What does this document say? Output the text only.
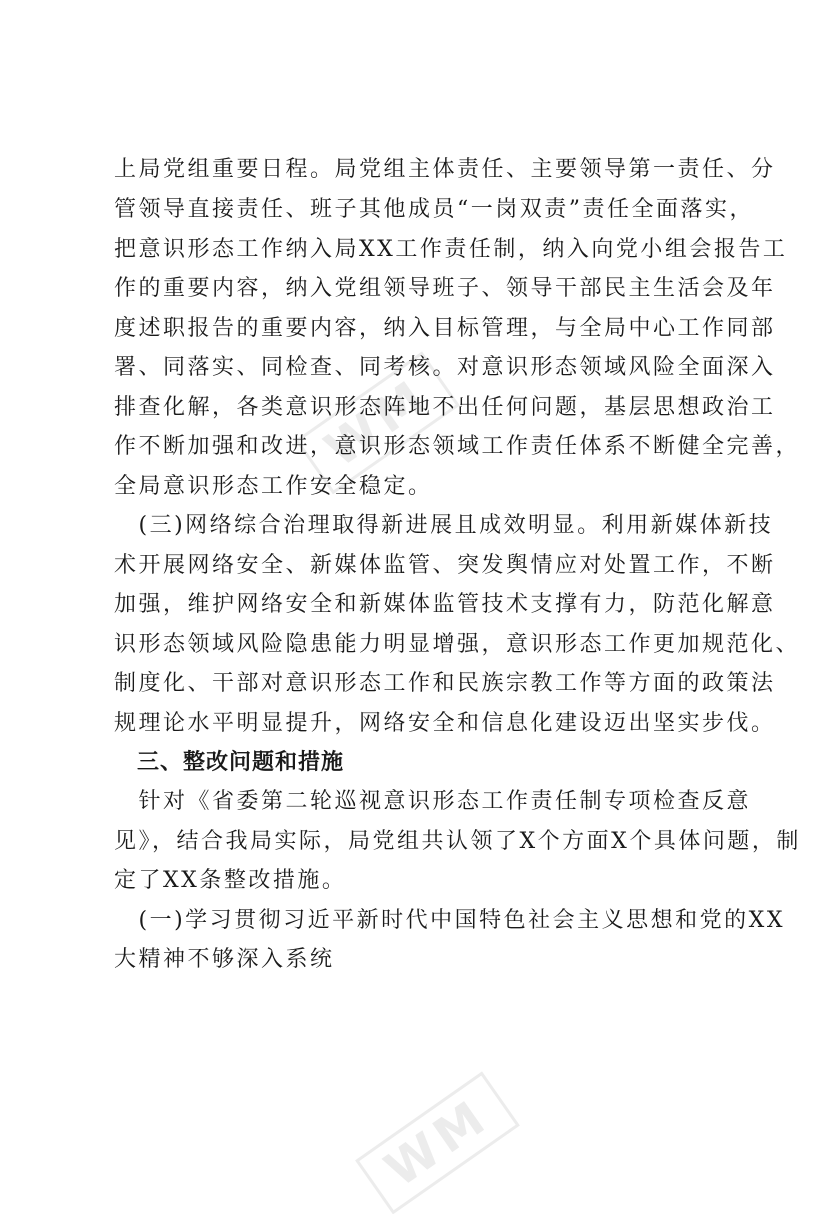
WM
WM
上局党组重要日程。局党组主体责任、主要领导第一责任、分
管领导直接责任、班子其他成员“一岗双责”责任全面落实，
把意识形态工作纳入局XX工作责任制，纳入向党小组会报告工
作的重要内容，纳入党组领导班子、领导干部民主生活会及年
度述职报告的重要内容，纳入目标管理，与全局中心工作同部
署、同落实、同检查、同考核。对意识形态领域风险全面深入
排查化解，各类意识形态阵地不出任何问题，基层思想政治工
作不断加强和改进，意识形态领域工作责任体系不断健全完善，
全局意识形态工作安全稳定。
　(三)网络综合治理取得新进展且成效明显。利用新媒体新技
术开展网络安全、新媒体监管、突发舆情应对处置工作，不断
加强，维护网络安全和新媒体监管技术支撑有力，防范化解意
识形态领域风险隐患能力明显增强，意识形态工作更加规范化、
制度化、干部对意识形态工作和民族宗教工作等方面的政策法
规理论水平明显提升，网络安全和信息化建设迈出坚实步伐。
　三、整改问题和措施
　针对《省委第二轮巡视意识形态工作责任制专项检查反意
见》，结合我局实际，局党组共认领了X个方面X个具体问题，制
定了XX条整改措施。
　(一)学习贯彻习近平新时代中国特色社会主义思想和党的XX
大精神不够深入系统
